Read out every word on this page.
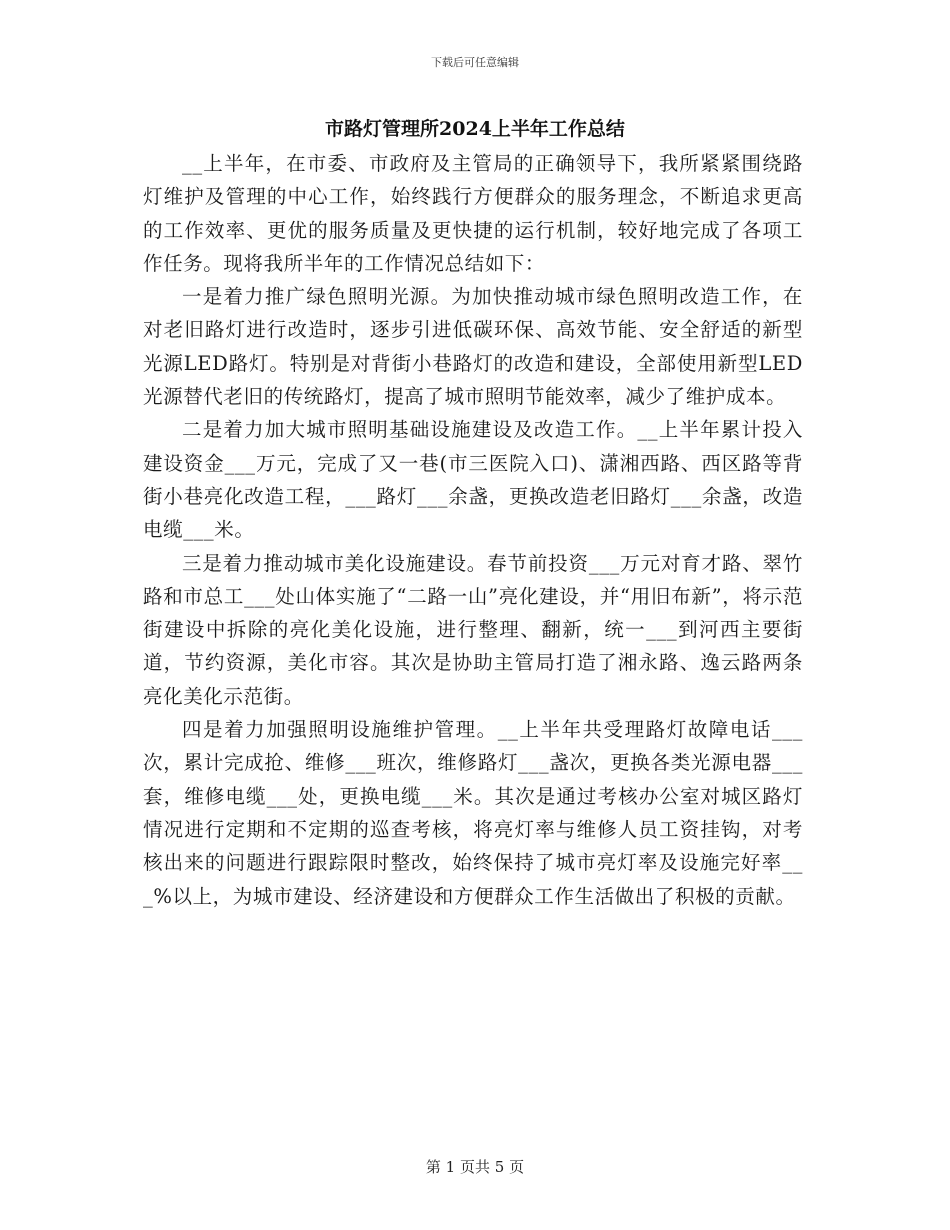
下载后可任意编辑
市路灯管理所2024上半年工作总结

__上半年，在市委、市政府及主管局的正确领导下，我所紧紧围绕路灯维护及管理的中心工作，始终践行方便群众的服务理念，不断追求更高的工作效率、更优的服务质量及更快捷的运行机制，较好地完成了各项工作任务。现将我所半年的工作情况总结如下：

一是着力推广绿色照明光源。为加快推动城市绿色照明改造工作，在对老旧路灯进行改造时，逐步引进低碳环保、高效节能、安全舒适的新型光源LED路灯。特别是对背街小巷路灯的改造和建设，全部使用新型LED光源替代老旧的传统路灯，提高了城市照明节能效率，减少了维护成本。

二是着力加大城市照明基础设施建设及改造工作。__上半年累计投入建设资金___万元，完成了又一巷(市三医院入口)、潇湘西路、西区路等背街小巷亮化改造工程，___路灯___余盏，更换改造老旧路灯___余盏，改造电缆___米。

三是着力推动城市美化设施建设。春节前投资___万元对育才路、翠竹路和市总工___处山体实施了“二路一山”亮化建设，并“用旧布新”，将示范街建设中拆除的亮化美化设施，进行整理、翻新，统一___到河西主要街道，节约资源，美化市容。其次是协助主管局打造了湘永路、逸云路两条亮化美化示范街。

四是着力加强照明设施维护管理。__上半年共受理路灯故障电话___次，累计完成抢、维修___班次，维修路灯___盏次，更换各类光源电器___套，维修电缆___处，更换电缆___米。其次是通过考核办公室对城区路灯情况进行定期和不定期的巡查考核，将亮灯率与维修人员工资挂钩，对考核出来的问题进行跟踪限时整改，始终保持了城市亮灯率及设施完好率___%以上，为城市建设、经济建设和方便群众工作生活做出了积极的贡献。

第 1 页共 5 页
